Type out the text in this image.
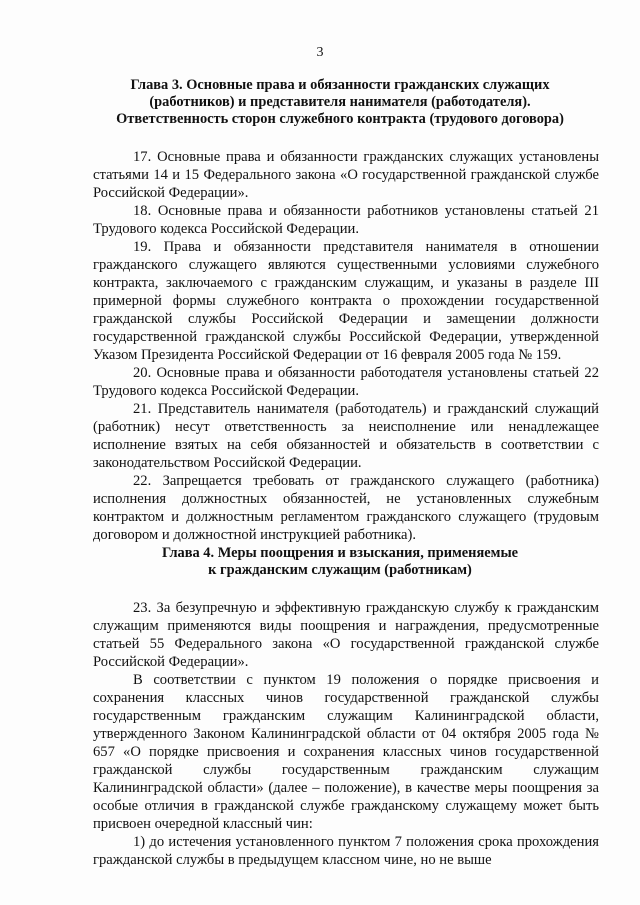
3
Глава 3. Основные права и обязанности гражданских служащих
(работников) и представителя нанимателя (работодателя).
Ответственность сторон служебного контракта (трудового договора)

17. Основные права и обязанности гражданских служащих установлены статьями 14 и 15 Федерального закона «О государственной гражданской службе Российской Федерации».

18. Основные права и обязанности работников установлены статьей 21 Трудового кодекса Российской Федерации.

19. Права и обязанности представителя нанимателя в отношении гражданского служащего являются существенными условиями служебного контракта, заключаемого с гражданским служащим, и указаны в разделе III примерной формы служебного контракта о прохождении государственной гражданской службы Российской Федерации и замещении должности государственной гражданской службы Российской Федерации, утвержденной Указом Президента Российской Федерации от 16 февраля 2005 года № 159.

20. Основные права и обязанности работодателя установлены статьей 22 Трудового кодекса Российской Федерации.

21. Представитель нанимателя (работодатель) и гражданский служащий (работник) несут ответственность за неисполнение или ненадлежащее исполнение взятых на себя обязанностей и обязательств в соответствии с законодательством Российской Федерации.

22. Запрещается требовать от гражданского служащего (работника) исполнения должностных обязанностей, не установленных служебным контрактом и должностным регламентом гражданского служащего (трудовым договором и должностной инструкцией работника).

Глава 4. Меры поощрения и взыскания, применяемые
к гражданским служащим (работникам)

23. За безупречную и эффективную гражданскую службу к гражданским служащим применяются виды поощрения и награждения, предусмотренные статьей 55 Федерального закона «О государственной гражданской службе Российской Федерации».

В соответствии с пунктом 19 положения о порядке присвоения и сохранения классных чинов государственной гражданской службы государственным гражданским служащим Калининградской области, утвержденного Законом Калининградской области от 04 октября 2005 года № 657 «О порядке присвоения и сохранения классных чинов государственной гражданской службы государственным гражданским служащим Калининградской области» (далее – положение), в качестве меры поощрения за особые отличия в гражданской службе гражданскому служащему может быть присвоен очередной классный чин:

1) до истечения установленного пунктом 7 положения срока прохождения гражданской службы в предыдущем классном чине, но не выше
